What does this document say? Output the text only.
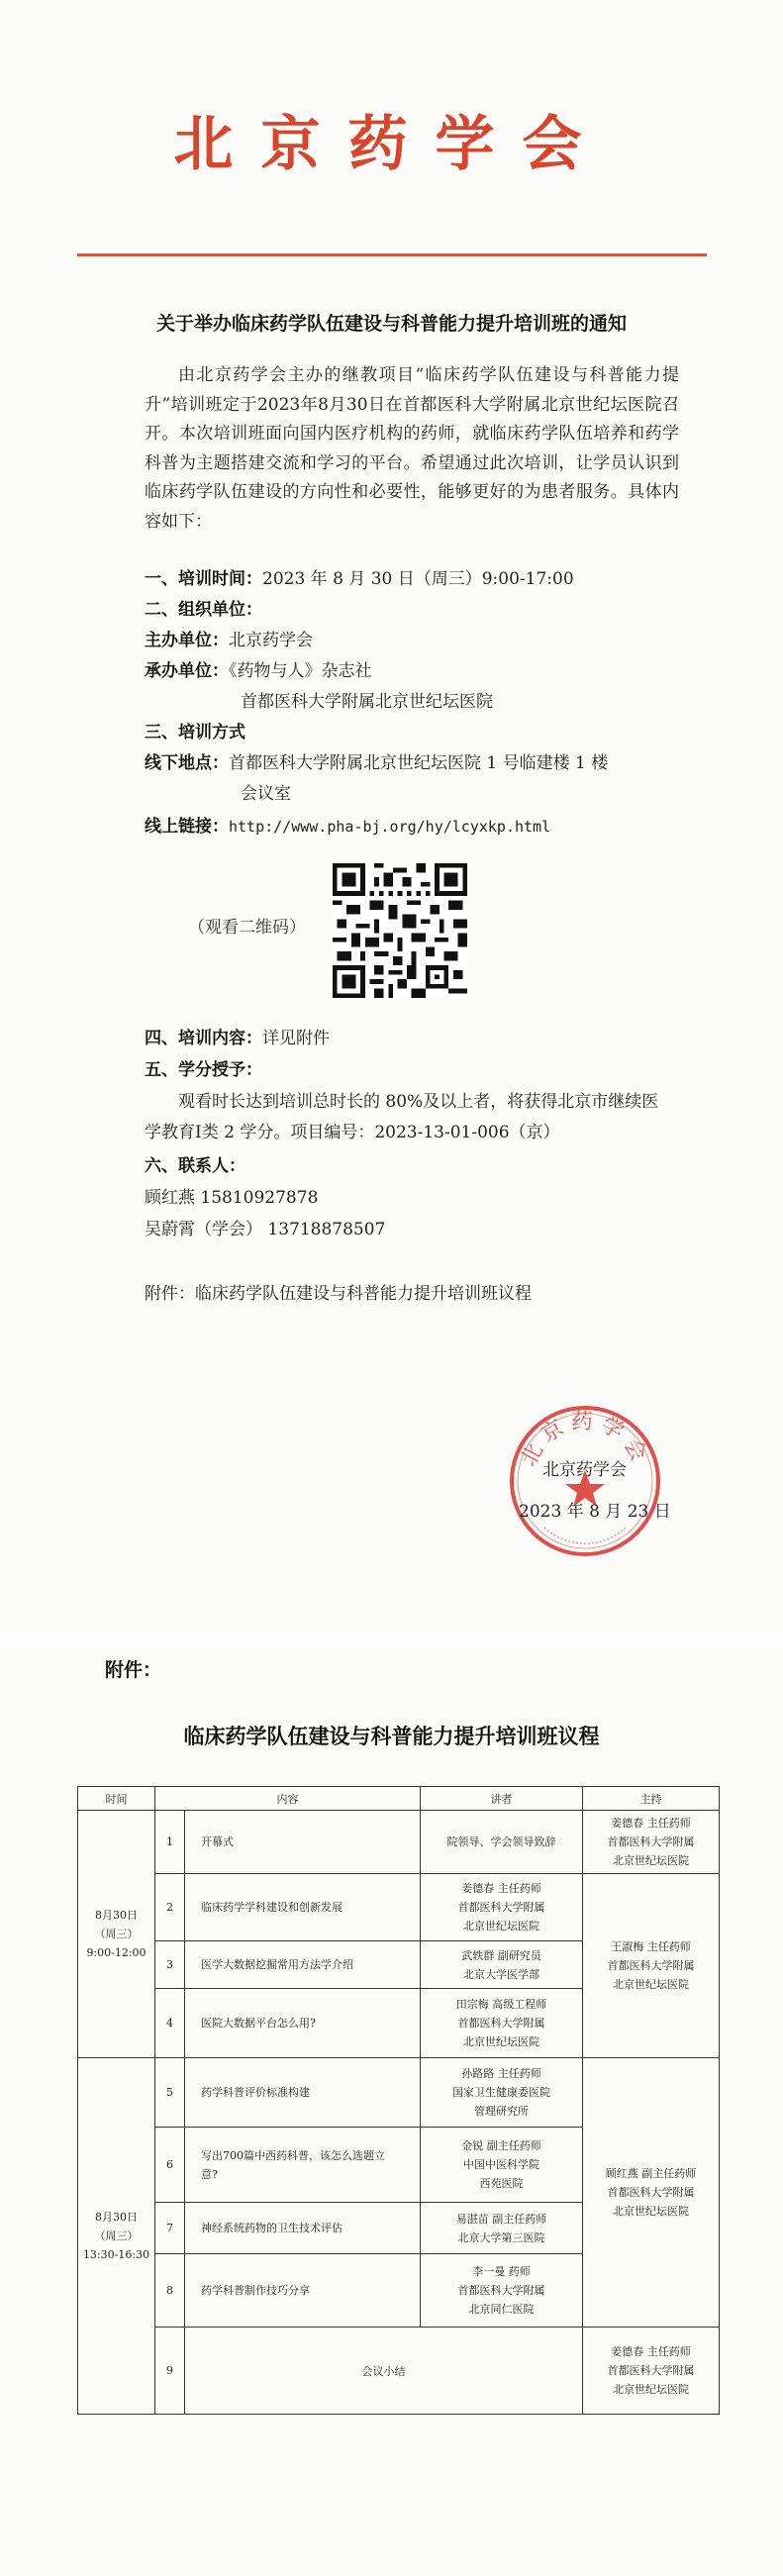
北京药学会
关于举办临床药学队伍建设与科普能力提升培训班的通知
由北京药学会主办的继教项目“临床药学队伍建设与科普能力提升”培训班定于2023年8月30日在首都医科大学附属北京世纪坛医院召开。本次培训班面向国内医疗机构的药师，就临床药学队伍培养和药学科普为主题搭建交流和学习的平台。希望通过此次培训，让学员认识到临床药学队伍建设的方向性和必要性，能够更好的为患者服务。具体内容如下：
一、培训时间：2023 年 8 月 30 日（周三）9:00-17:00
二、组织单位：
主办单位：北京药学会
承办单位：《药物与人》杂志社
首都医科大学附属北京世纪坛医院
三、培训方式
线下地点：首都医科大学附属北京世纪坛医院 1 号临建楼 1 楼
会议室
线上链接：http://www.pha-bj.org/hy/lcyxkp.html
（观看二维码）
四、培训内容：详见附件
五、学分授予：
观看时长达到培训总时长的 80%及以上者，将获得北京市继续医
学教育Ⅰ类 2 学分。项目编号：2023-13-01-006（京）
六、联系人：
顾红燕 15810927878
吴蔚霄（学会） 13718878507
附件：临床药学队伍建设与科普能力提升培训班议程
北京药学会
北京药学会
2023 年 8 月 23 日
附件：
临床药学队伍建设与科普能力提升培训班议程
时间	内容		讲者	主持

8月30日
（周三）
9:00-12:00	1	开幕式	院领导、学会领导致辞	姜德春 主任药师
首都医科大学附属
北京世纪坛医院

	2	临床药学学科建设和创新发展	姜德春 主任药师
首都医科大学附属
北京世纪坛医院	王淑梅 主任药师
首都医科大学附属
北京世纪坛医院

	3	医学大数据挖掘常用方法学介绍	武轶群 副研究员
北京大学医学部	

	4	医院大数据平台怎么用?	田宗梅 高级工程师
首都医科大学附属
北京世纪坛医院	

8月30日
（周三）
13:30-16:30	5	药学科普评价标准构建	孙路路 主任药师
国家卫生健康委医院
管理研究所	顾红燕 副主任药师
首都医科大学附属
北京世纪坛医院

	6	写出700篇中西药科普，该怎么选题立
意?	金锐 副主任药师
中国中医科学院
西苑医院	

	7	神经系统药物的卫生技术评估	易湛苗 副主任药师
北京大学第三医院	

	8	药学科普制作技巧分享	李一曼 药师
首都医科大学附属
北京同仁医院	

	9	会议小结		姜德春 主任药师
首都医科大学附属
北京世纪坛医院
